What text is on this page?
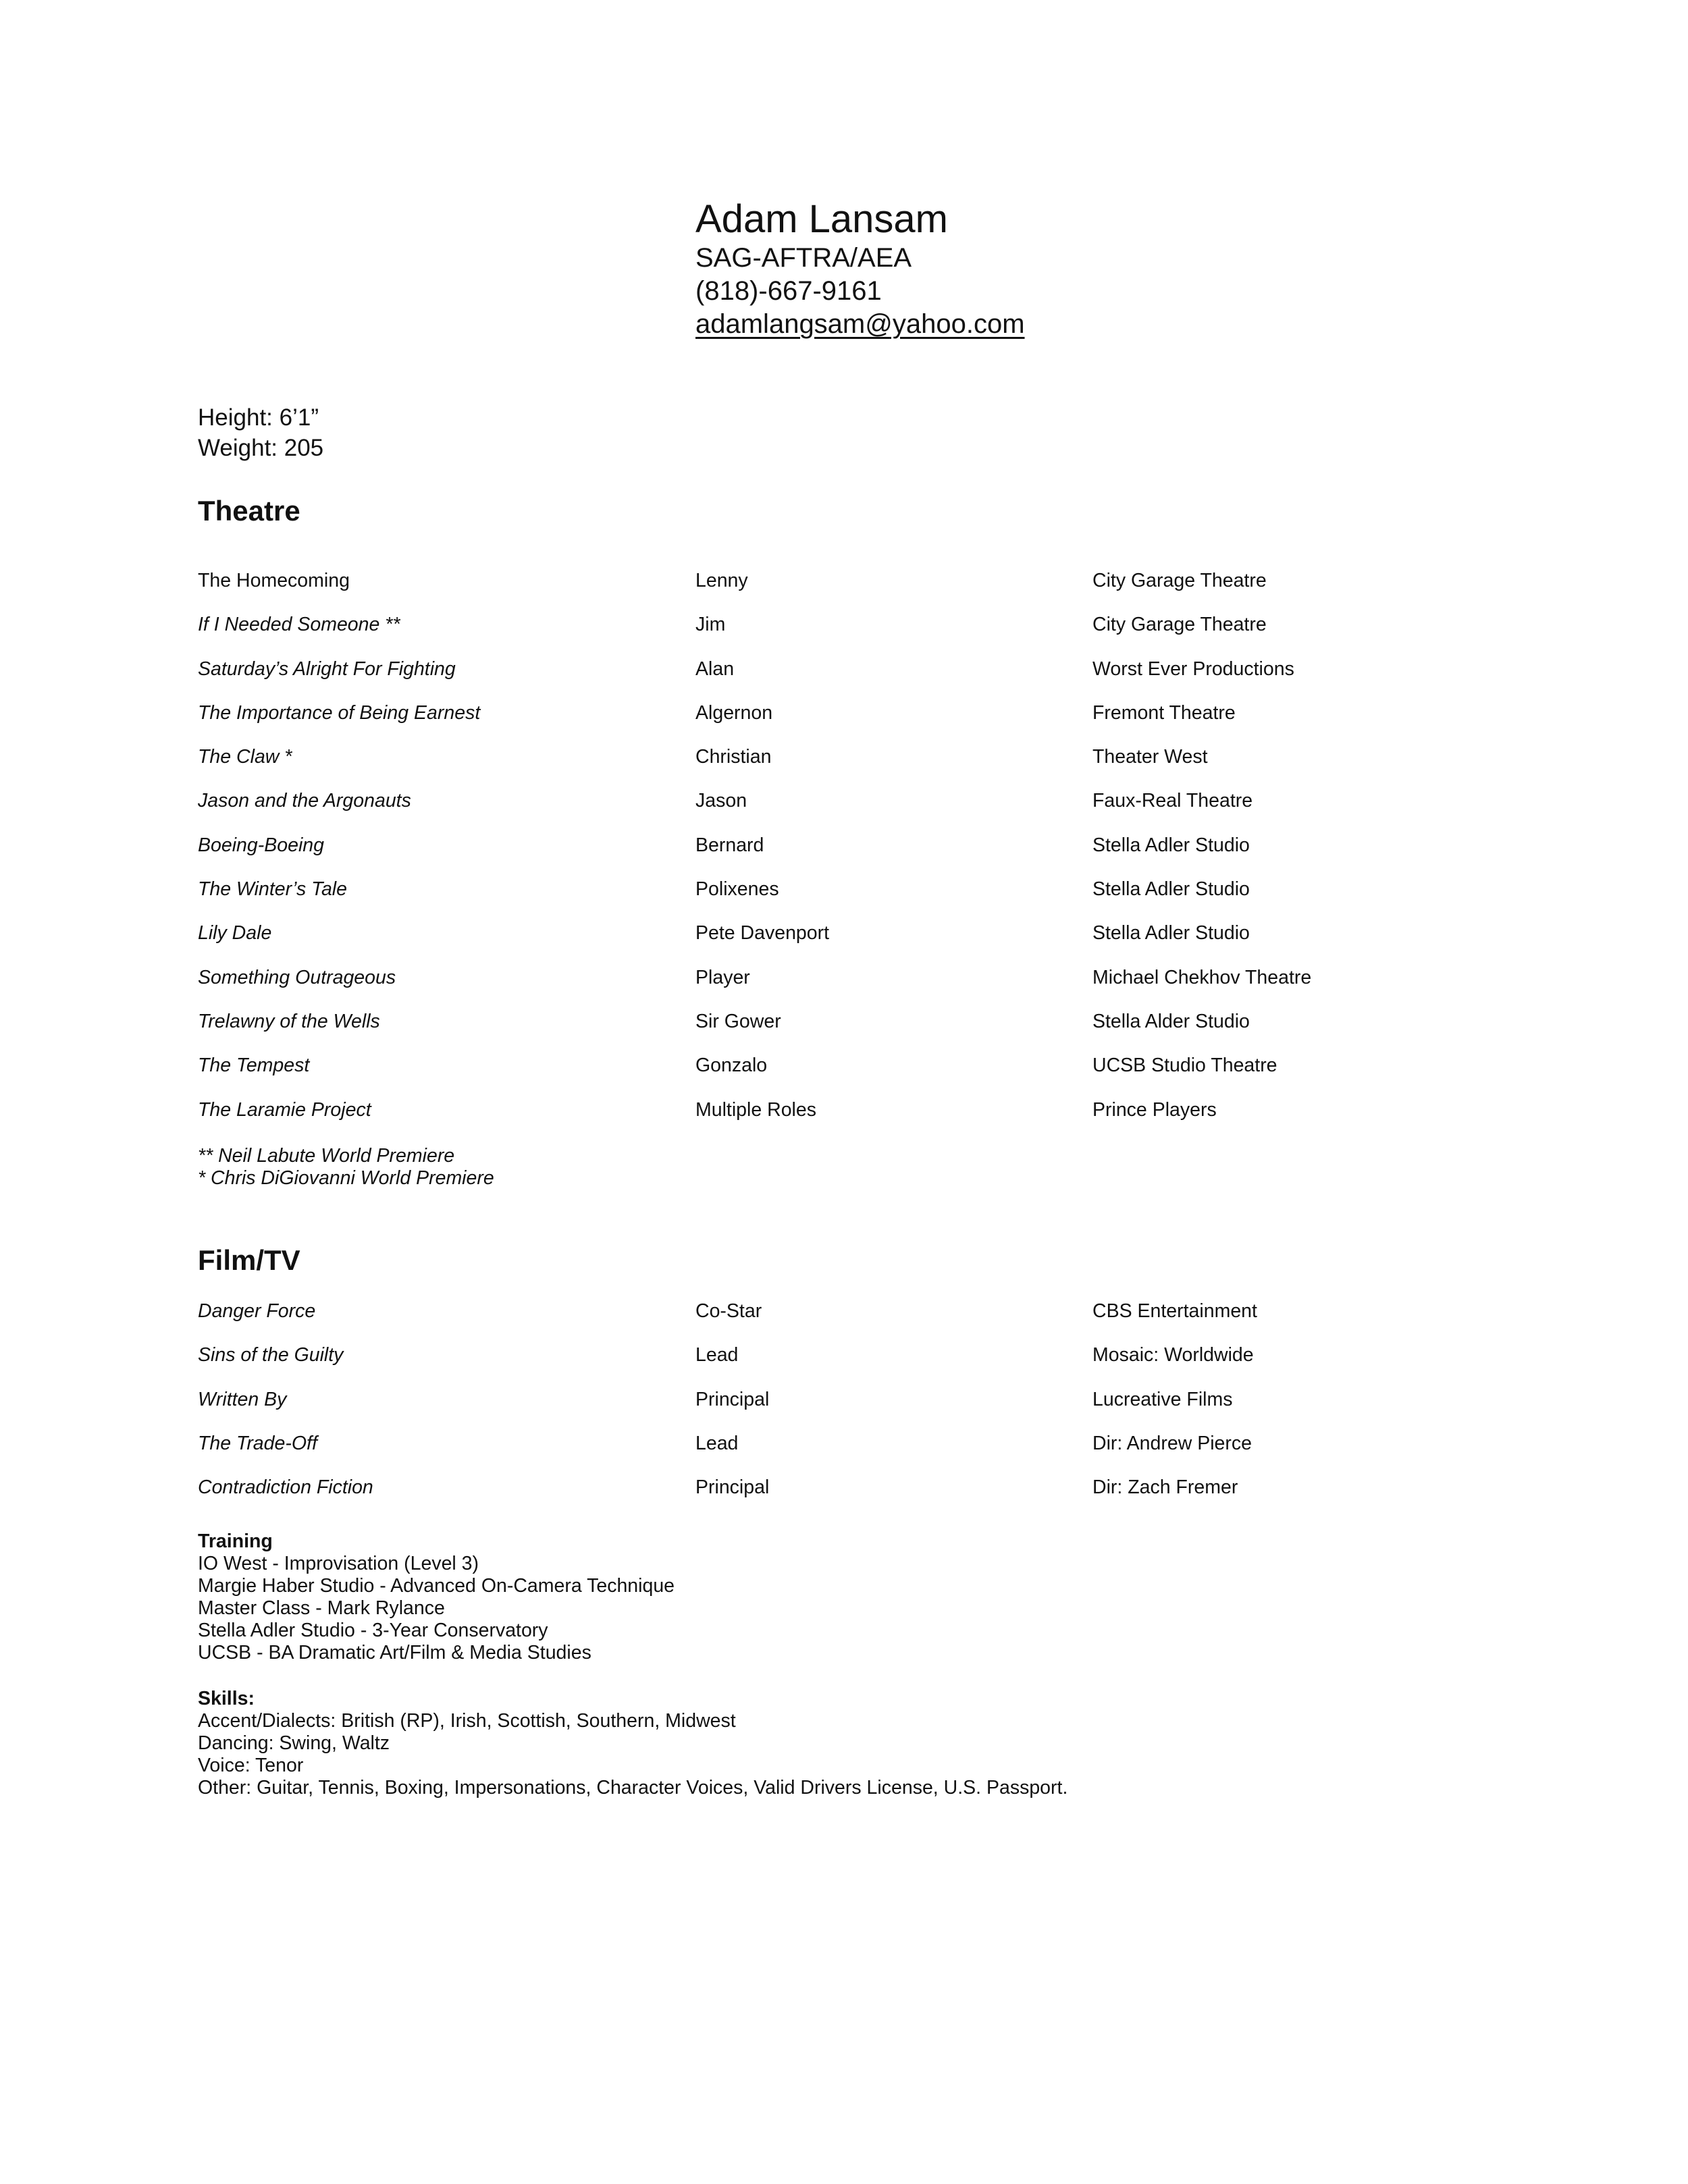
Adam Lansam
SAG-AFTRA/AEA
(818)-667-9161
adamlangsam@yahoo.com
Height: 6’1”
Weight: 205
Theatre
The Homecoming	Lenny	City Garage Theatre
If I Needed Someone **	Jim	City Garage Theatre
Saturday’s Alright For Fighting	Alan	Worst Ever Productions
The Importance of Being Earnest	Algernon	Fremont Theatre
The Claw *	Christian	Theater West
Jason and the Argonauts	Jason	Faux-Real Theatre
Boeing-Boeing	Bernard	Stella Adler Studio
The Winter’s Tale	Polixenes	Stella Adler Studio
Lily Dale	Pete Davenport	Stella Adler Studio
Something Outrageous	Player	Michael Chekhov Theatre
Trelawny of the Wells	Sir Gower	Stella Alder Studio
The Tempest	Gonzalo	UCSB Studio Theatre
The Laramie Project	Multiple Roles	Prince Players
** Neil Labute World Premiere
* Chris DiGiovanni World Premiere
Film/TV
Danger Force	Co-Star	CBS Entertainment
Sins of the Guilty	Lead	Mosaic: Worldwide
Written By	Principal	Lucreative Films
The Trade-Off	Lead	Dir: Andrew Pierce
Contradiction Fiction	Principal	Dir: Zach Fremer
Training
IO West - Improvisation (Level 3)
Margie Haber Studio - Advanced On-Camera Technique
Master Class - Mark Rylance
Stella Adler Studio - 3-Year Conservatory
UCSB - BA Dramatic Art/Film & Media Studies
Skills:
Accent/Dialects: British (RP), Irish, Scottish, Southern, Midwest
Dancing: Swing, Waltz
Voice: Tenor
Other: Guitar, Tennis, Boxing, Impersonations, Character Voices, Valid Drivers License, U.S. Passport.
